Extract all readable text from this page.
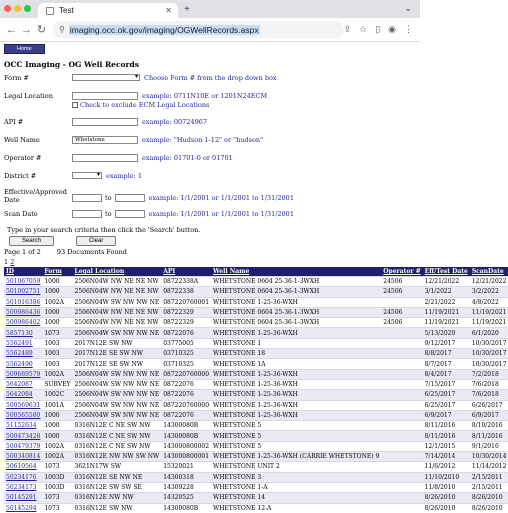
Test	✕ +	⌄
← → ↻	⚲ imaging.occ.ok.gov/imaging/OGWellRecords.aspx	⇪ ☆ ▯ ◉ ⋮
Home
OCC Imaging - OG Well Records
Form # ▾	Choose Form # from the drop down box
Legal Location	example: 0711N10E or 1201N24ECM
Check to exclude ECM Legal Locations
API #	example: 00724967
Well Name	Whetstone	example: "Hudson 1-12" or "hudson"
Operator #	example: 01701-0 or 01701
District # ▾	example: 1
Effective/Approved Date	to	example: 1/1/2001 or 1/1/2001 to 1/31/2001
Scan Date	to	example: 1/1/2001 or 1/1/2001 to 1/31/2001
Type in your search criteria then click the 'Search' button.
Search	Clear
Page 1 of 2 93 Documents Found
1 2
ID	Form	Legal Location	API	Well Name	Operator #	Eff/Test Date	ScanDate
501067059	1000	2506N04W NW NE NE NW	08722338A	WHETSTONE 0604 25-36-1-3WXH	24506	12/21/2022	12/21/2022
501002751	1000	2506N04W NW NE NE NW	08722338	WHETSTONE 0604 25-36-1-3WXH	24506	3/1/2022	3/2/2022
501016386	1002A	2506N04W SW NW NW NE	087220760001	WHETSTONE 1-25-36-WXH		2/21/2022	4/8/2022
500986436	1000	2506N04W NW NE NE NW	08722329	WHETSTONE 0604 25-36-1-3WXH	24506	11/19/2021	11/19/2021
500986402	1000	2506N04W NW NE NE NW	08722329	WHETSTONE 0604 25-36-1-3WXH	24506	11/19/2021	11/19/2021
5857130	1073	2506N04W SW NW NW NE	08722076	WHETSTONE 1-25-36-WXH		5/13/2020	6/1/2020
5562491	1003	2017N12E SW NW	03775005	WHETSTONE 1		9/12/2017	10/30/2017
5562489	1003	2017N12E SE SW NW	03710325	WHETSTONE 18		8/8/2017	10/30/2017
5562490	1003	2017N12E SE SW NW	03710325	WHETSTONE 1A		8/7/2017	10/30/2017
509689579	1002A	2506N04W SW NW NW NE	087220760000	WHETSTONE 1-25-36-WXH		8/4/2017	7/2/2018
5642087	SURVEY	2506N04W SW NW NW NE	08722076	WHETSTONE 1-25-36-WXH		7/15/2017	7/6/2018
5642084	1002C	2506N04W SW NW NW NE	08722076	WHETSTONE 1-25-36-WXH		6/25/2017	7/6/2018
500569631	1001A	2506N04W SW NW NW NE	087220760000	WHETSTONE 1-25-36-WXH		6/25/2017	6/26/2017
500565580	1000	2506N04W SW NW NW NE	08722076	WHETSTONE 1-25-36-WXH		6/9/2017	6/9/2017
51152634	1000	0316N12E C NE SW NW	14300080B	WHETSTONE 5		8/11/2016	8/10/2016
500473428	1000	0316N12E C NE SW NW	14300080B	WHETSTONE 5		8/11/2016	8/11/2016
500479379	1002A	0316N12E C NE SW NW	143000800002	WHETSTONE 5		12/1/2015	9/1/2016
500340814	1002A	0316N12E NW NW SW NW	143000800001	WHETSTONE 1-25-36-WXH (CARRIE WHETSTONE) 9		7/14/2014	10/30/2014
50610564	1073	3621N17W SW	15320021	WHETSTONE UNIT 2		11/6/2012	11/14/2012
50234176	1003D	0316N12E SE NW NE	14300318	WHETSTONE 3		11/10/2010	2/15/2011
50234173	1003D	0316N12E SW SW SE	14309228	WHETSTONE 1-A		11/8/2010	2/15/2011
50145291	1073	0316N12E NW NW	14320525	WHETSTONE 14		8/26/2010	8/26/2010
50145294	1073	0316N12E SW NW	14300080B	WHETSTONE 12-A		8/26/2010	8/26/2010
